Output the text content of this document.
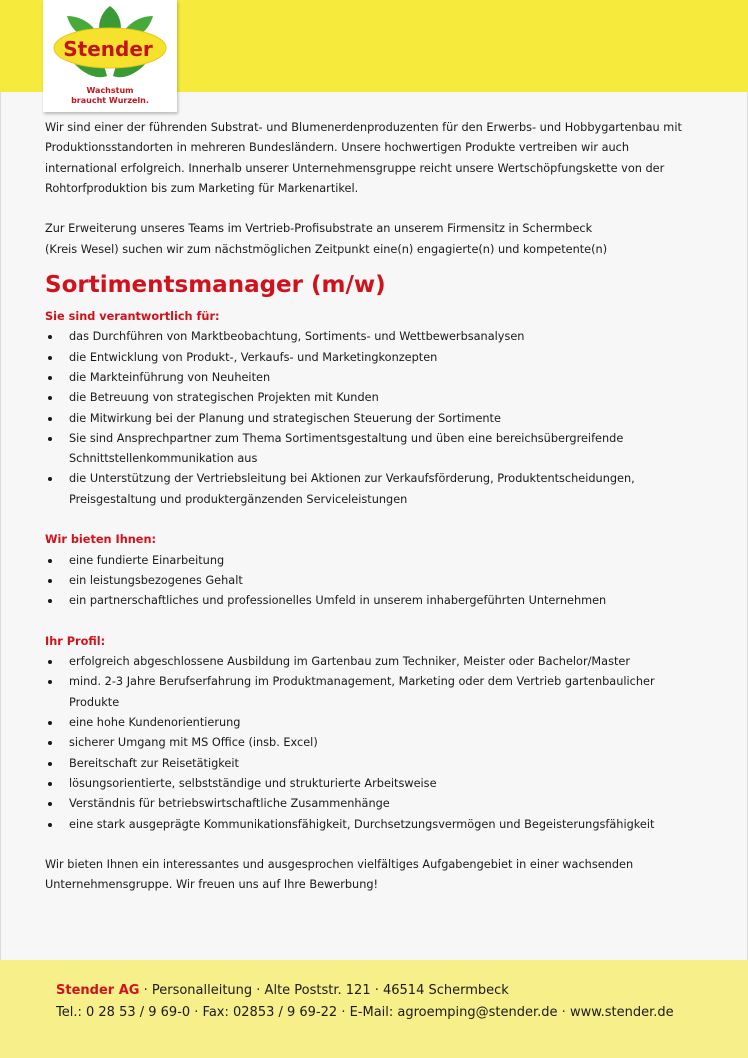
Stender
Wachstum
braucht Wurzeln.

Wir sind einer der führenden Substrat- und Blumenerdenproduzenten für den Erwerbs- und Hobbygartenbau mit Produktionsstandorten in mehreren Bundesländern. Unsere hochwertigen Produkte vertreiben wir auch international erfolgreich. Innerhalb unserer Unternehmensgruppe reicht unsere Wertschöpfungskette von der Rohtorfproduktion bis zum Marketing für Markenartikel.

Zur Erweiterung unseres Teams im Vertrieb-Profisubstrate an unserem Firmensitz in Schermbeck

(Kreis Wesel) suchen wir zum nächstmöglichen Zeitpunkt eine(n) engagierte(n) und kompetente(n)

Sortimentsmanager (m/w)

Sie sind verantwortlich für:

das Durchführen von Marktbeobachtung, Sortiments- und Wettbewerbsanalysen
die Entwicklung von Produkt-, Verkaufs- und Marketingkonzepten
die Markteinführung von Neuheiten
die Betreuung von strategischen Projekten mit Kunden
die Mitwirkung bei der Planung und strategischen Steuerung der Sortimente
Sie sind Ansprechpartner zum Thema Sortimentsgestaltung und üben eine bereichsübergreifende Schnittstellenkommunikation aus
die Unterstützung der Vertriebsleitung bei Aktionen zur Verkaufsförderung, Produktentscheidungen, Preisgestaltung und produktergänzenden Serviceleistungen

Wir bieten Ihnen:

eine fundierte Einarbeitung
ein leistungsbezogenes Gehalt
ein partnerschaftliches und professionelles Umfeld in unserem inhabergeführten Unternehmen

Ihr Profil:

erfolgreich abgeschlossene Ausbildung im Gartenbau zum Techniker, Meister oder Bachelor/Master
mind. 2-3 Jahre Berufserfahrung im Produktmanagement, Marketing oder dem Vertrieb gartenbaulicher Produkte
eine hohe Kundenorientierung
sicherer Umgang mit MS Office (insb. Excel)
Bereitschaft zur Reisetätigkeit
lösungsorientierte, selbstständige und strukturierte Arbeitsweise
Verständnis für betriebswirtschaftliche Zusammenhänge
eine stark ausgeprägte Kommunikationsfähigkeit, Durchsetzungsvermögen und Begeisterungsfähigkeit

Wir bieten Ihnen ein interessantes und ausgesprochen vielfältiges Aufgabengebiet in einer wachsenden Unternehmensgruppe. Wir freuen uns auf Ihre Bewerbung!

Stender AG · Personalleitung · Alte Poststr. 121 · 46514 Schermbeck
Tel.: 0 28 53 / 9 69-0 · Fax: 02853 / 9 69-22 · E-Mail: agroemping@stender.de · www.stender.de
